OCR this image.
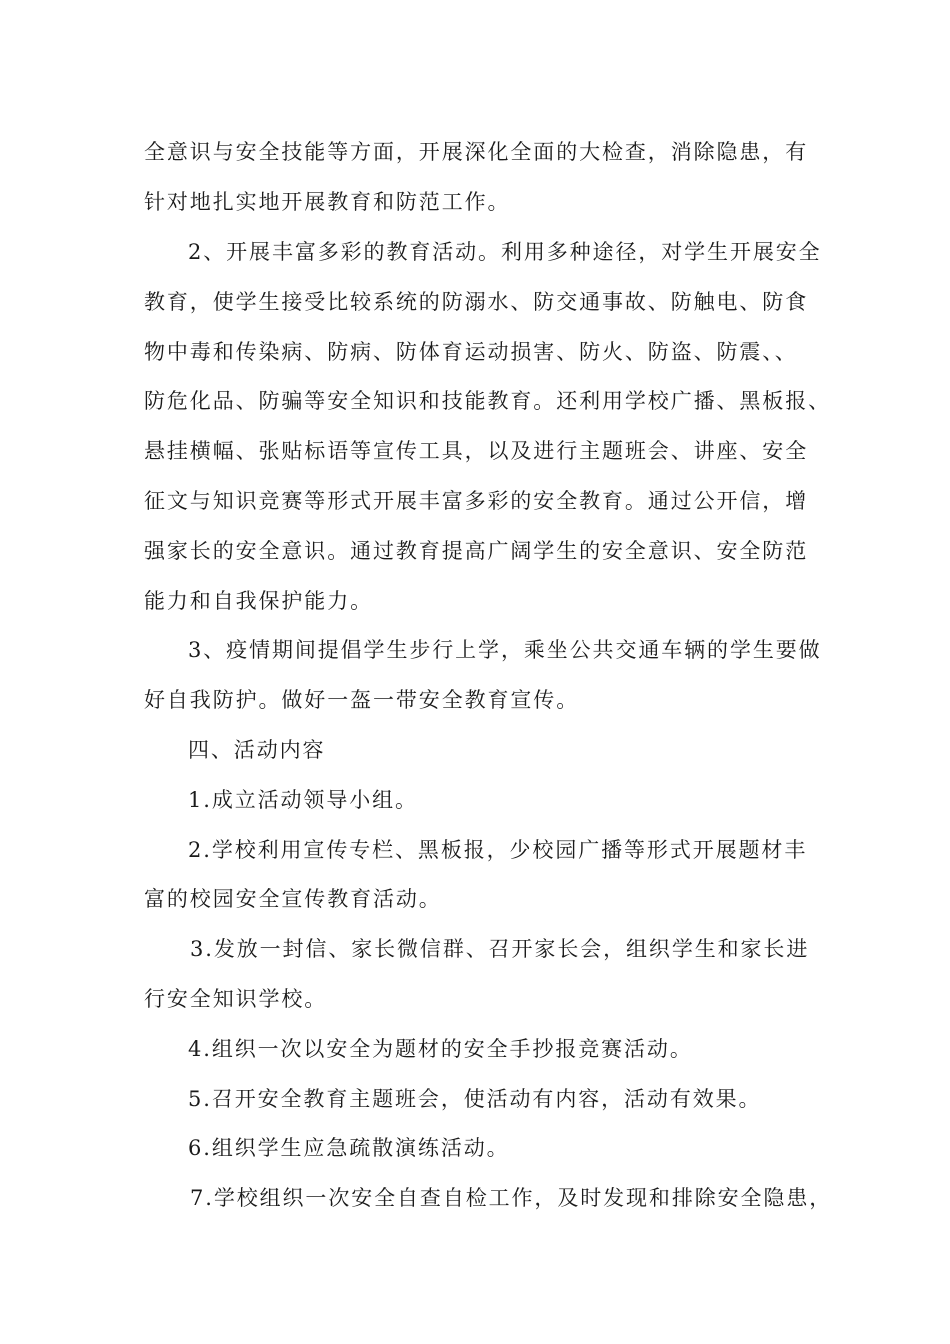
全意识与安全技能等方面，开展深化全面的大检查，消除隐患，有
针对地扎实地开展教育和防范工作。
2、开展丰富多彩的教育活动。利用多种途径，对学生开展安全
教育，使学生接受比较系统的防溺水、防交通事故、防触电、防食
物中毒和传染病、防病、防体育运动损害、防火、防盗、防震、、
防危化品、防骗等安全知识和技能教育。还利用学校广播、黑板报、
悬挂横幅、张贴标语等宣传工具，以及进行主题班会、讲座、安全
征文与知识竞赛等形式开展丰富多彩的安全教育。通过公开信，增
强家长的安全意识。通过教育提高广阔学生的安全意识、安全防范
能力和自我保护能力。
3、疫情期间提倡学生步行上学，乘坐公共交通车辆的学生要做
好自我防护。做好一盔一带安全教育宣传。
四、活动内容
1.成立活动领导小组。
2.学校利用宣传专栏、黑板报，少校园广播等形式开展题材丰
富的校园安全宣传教育活动。
3.发放一封信、家长微信群、召开家长会，组织学生和家长进
行安全知识学校。
4.组织一次以安全为题材的安全手抄报竞赛活动。
5.召开安全教育主题班会，使活动有内容，活动有效果。
6.组织学生应急疏散演练活动。
7.学校组织一次安全自查自检工作，及时发现和排除安全隐患，
